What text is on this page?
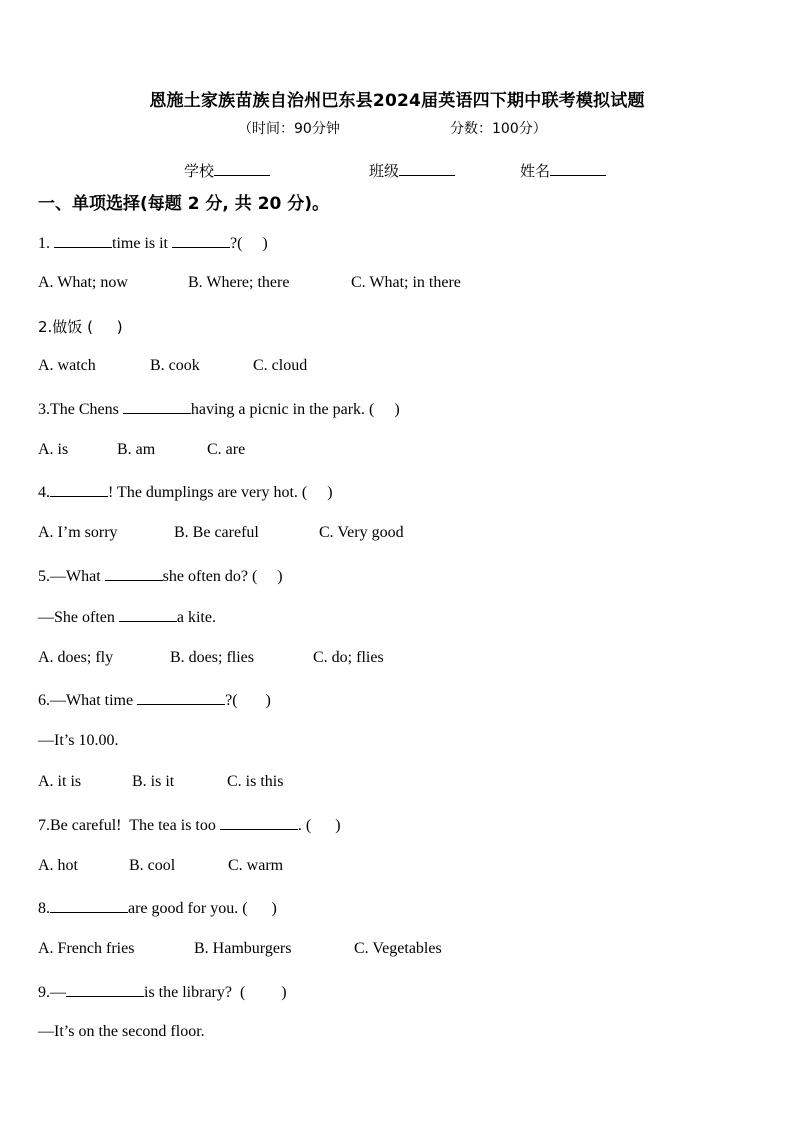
恩施土家族苗族自治州巴东县2024届英语四下期中联考模拟试题
（时间：90分钟	分数：100分）
学校	班级	姓名
一、单项选择(每题 2 分, 共 20 分)。
1.	time is it	?(     )
A. What; now	B. Where; there	C. What; in there
2.做饭 (     )
A. watch	B. cook	C. cloud
3.The Chens	having a picnic in the park. (     )
A. is	B. am	C. are
4.	! The dumplings are very hot. (     )
A. I’m sorry	B. Be careful	C. Very good
5.—What	she often do? (     )
—She often	a kite.
A. does; fly	B. does; flies	C. do; flies
6.—What time	?(       )
—It’s 10.00.
A. it is	B. is it	C. is this
7.Be careful!  The tea is too	. (      )
A. hot	B. cool	C. warm
8.	are good for you. (      )
A. French fries	B. Hamburgers	C. Vegetables
9.—	is the library?  (         )
—It’s on the second floor.
